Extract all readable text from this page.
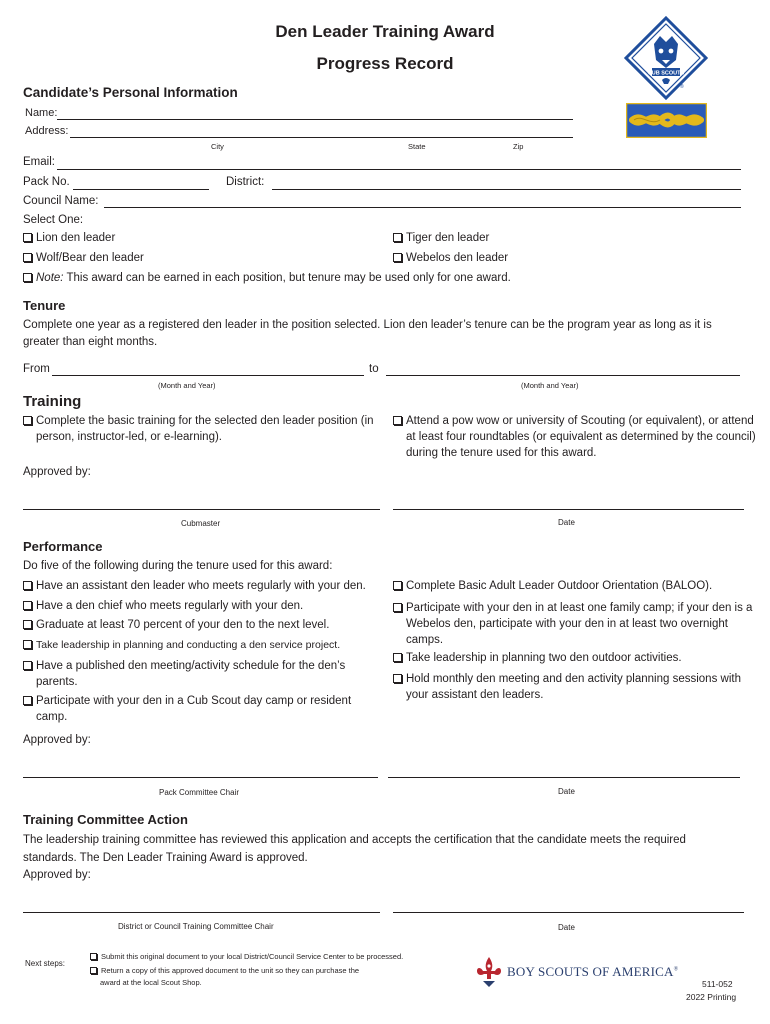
Den Leader Training Award
Progress Record
CUB SCOUTS
®
Candidate’s Personal Information
Name:
Address:
City	State	Zip
Email:
Pack No.	District:
Council Name:
Select One:
Lion den leader	Tiger den leader
Wolf/Bear den leader	Webelos den leader
Note: This award can be earned in each position, but tenure may be used only for one award.
Tenure
Complete one year as a registered den leader in the position selected. Lion den leader’s tenure can be the program year as long as it is
greater than eight months.
From	to
(Month and Year)	(Month and Year)
Training
Complete the basic training for the selected den leader position (in person, instructor-led, or e-learning).
Attend a pow wow or university of Scouting (or equivalent), or attend at least four roundtables (or equivalent as determined by the council) during the tenure used for this award.
Approved by:
Cubmaster	Date
Performance
Do five of the following during the tenure used for this award:
Have an assistant den leader who meets regularly with your den.
Have a den chief who meets regularly with your den.
Graduate at least 70 percent of your den to the next level.
Take leadership in planning and conducting a den service project.
Have a published den meeting/activity schedule for the den’s parents.
Participate with your den in a Cub Scout day camp or resident camp.
Complete Basic Adult Leader Outdoor Orientation (BALOO).
Participate with your den in at least one family camp; if your den is a Webelos den, participate with your den in at least two overnight camps.
Take leadership in planning two den outdoor activities.
Hold monthly den meeting and den activity planning sessions with your assistant den leaders.
Approved by:
Pack Committee Chair	Date
Training Committee Action
The leadership training committee has reviewed this application and accepts the certification that the candidate meets the required
standards. The Den Leader Training Award is approved.
Approved by:
District or Council Training Committee Chair	Date
Next steps:
Submit this original document to your local District/Council Service Center to be processed.
Return a copy of this approved document to the unit so they can purchase the
award at the local Scout Shop.
BOY SCOUTS OF AMERICA®
511-052
2022 Printing
